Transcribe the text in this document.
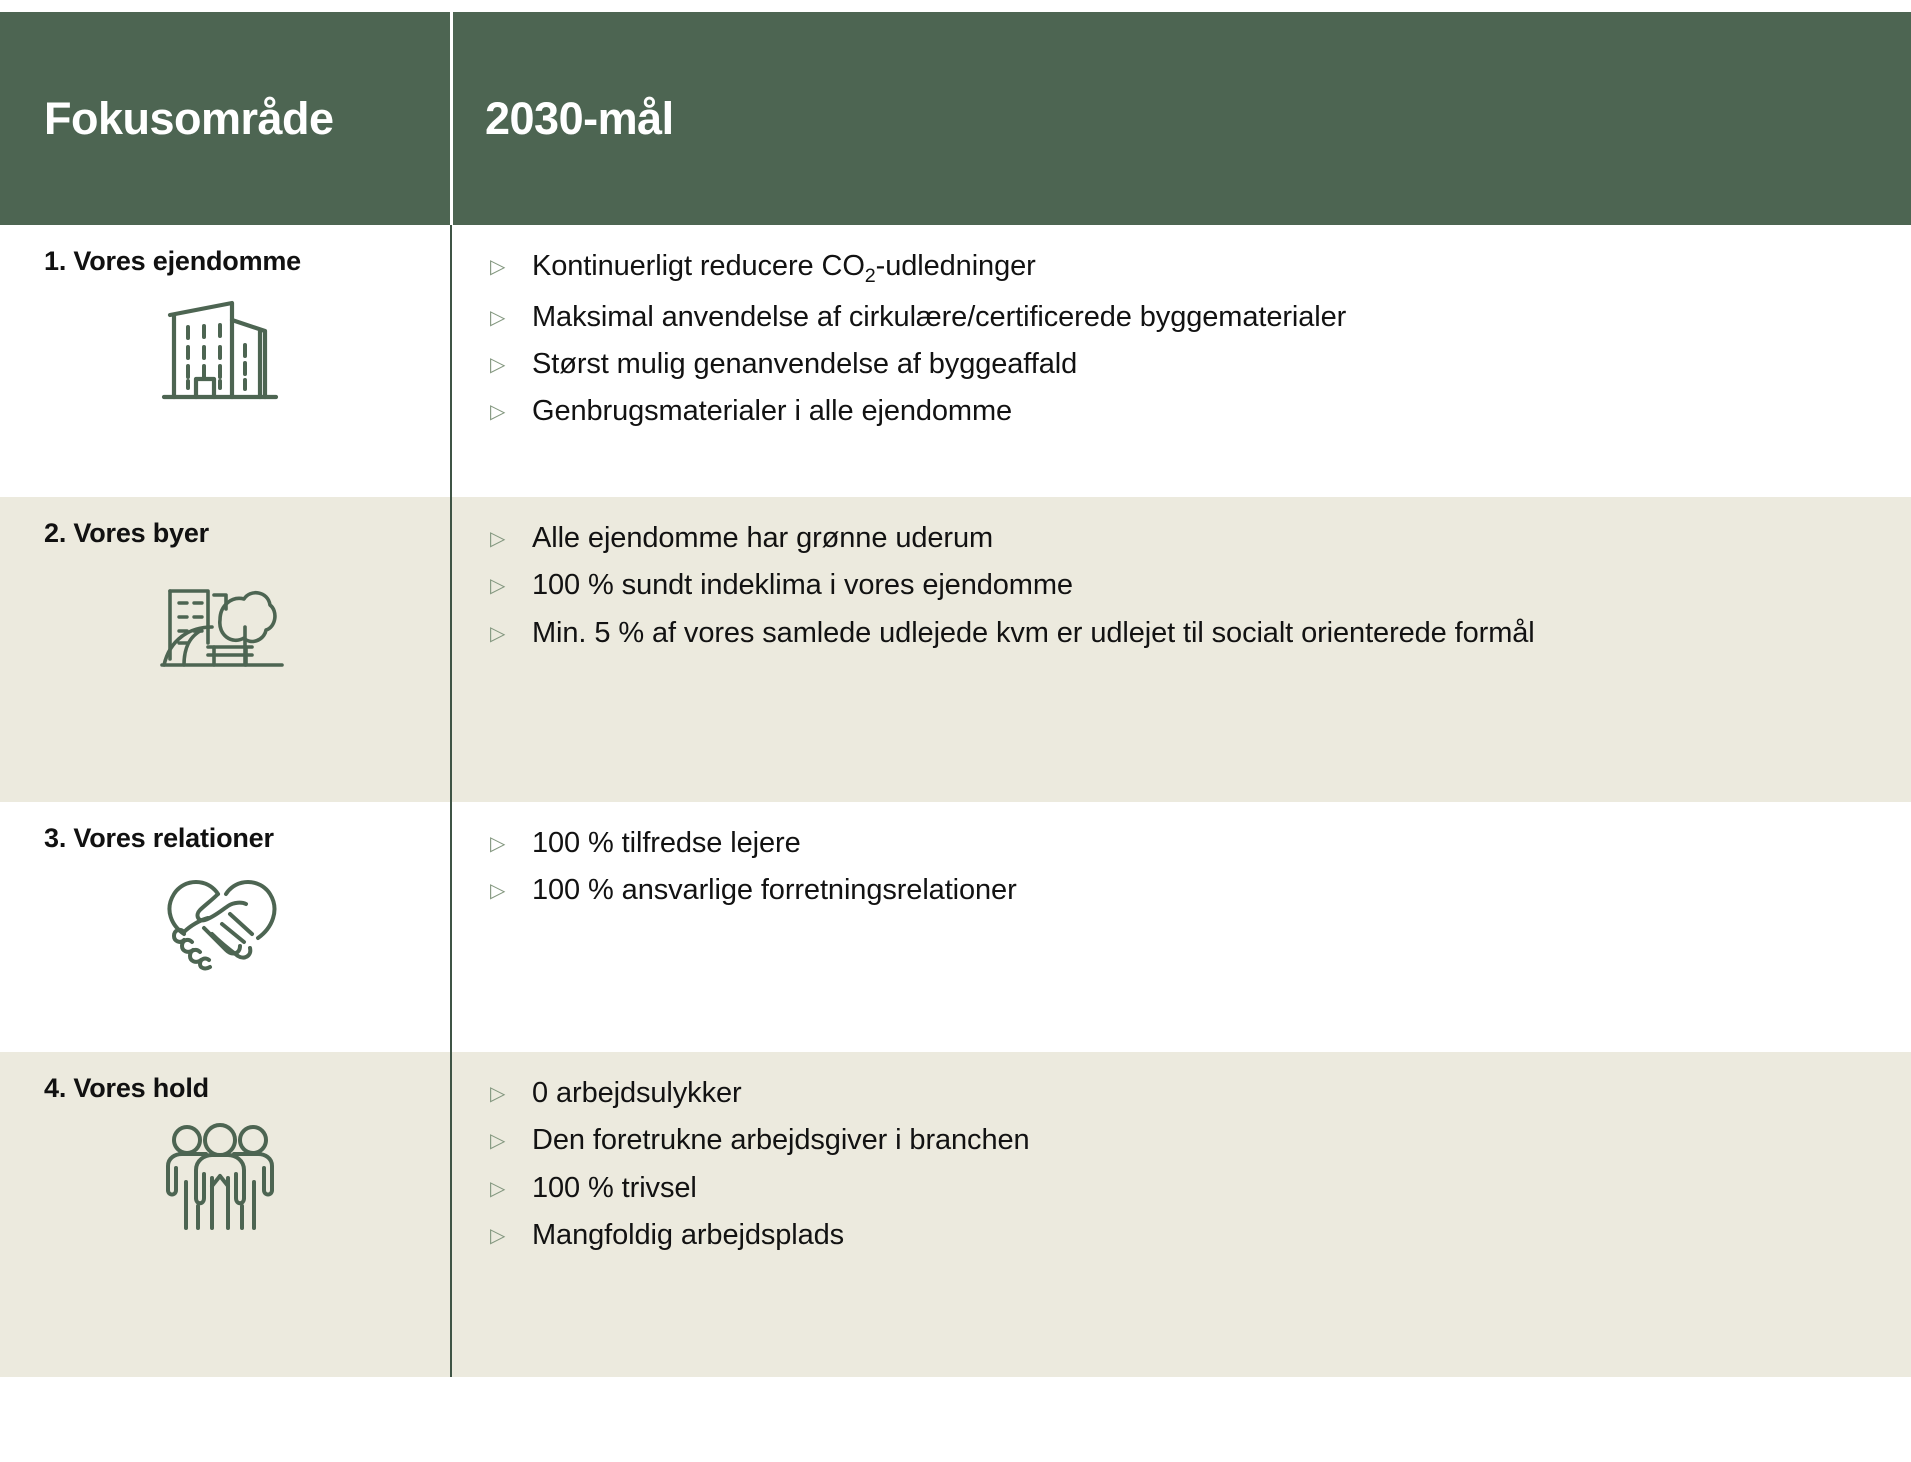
Fokusområde	2030-mål
1. Vores ejendomme	▷ Kontinuerligt reducere $CO_2$-udledninger
▷ Maksimal anvendelse af cirkulære/certificerede byggematerialer
▷ Størst mulig genanvendelse af byggeaffald
▷ Genbrugsmaterialer i alle ejendomme
2. Vores byer	▷ Alle ejendomme har grønne uderum
▷ 100 % sundt indeklima i vores ejendomme
▷ Min. 5 % af vores samlede udlejede kvm er udlejet til socialt orienterede formål
3. Vores relationer	▷ 100 % tilfredse lejere
▷ 100 % ansvarlige forretningsrelationer
4. Vores hold	▷ 0 arbejdsulykker
▷ Den foretrukne arbejdsgiver i branchen
▷ 100 % trivsel
▷ Mangfoldig arbejdsplads
